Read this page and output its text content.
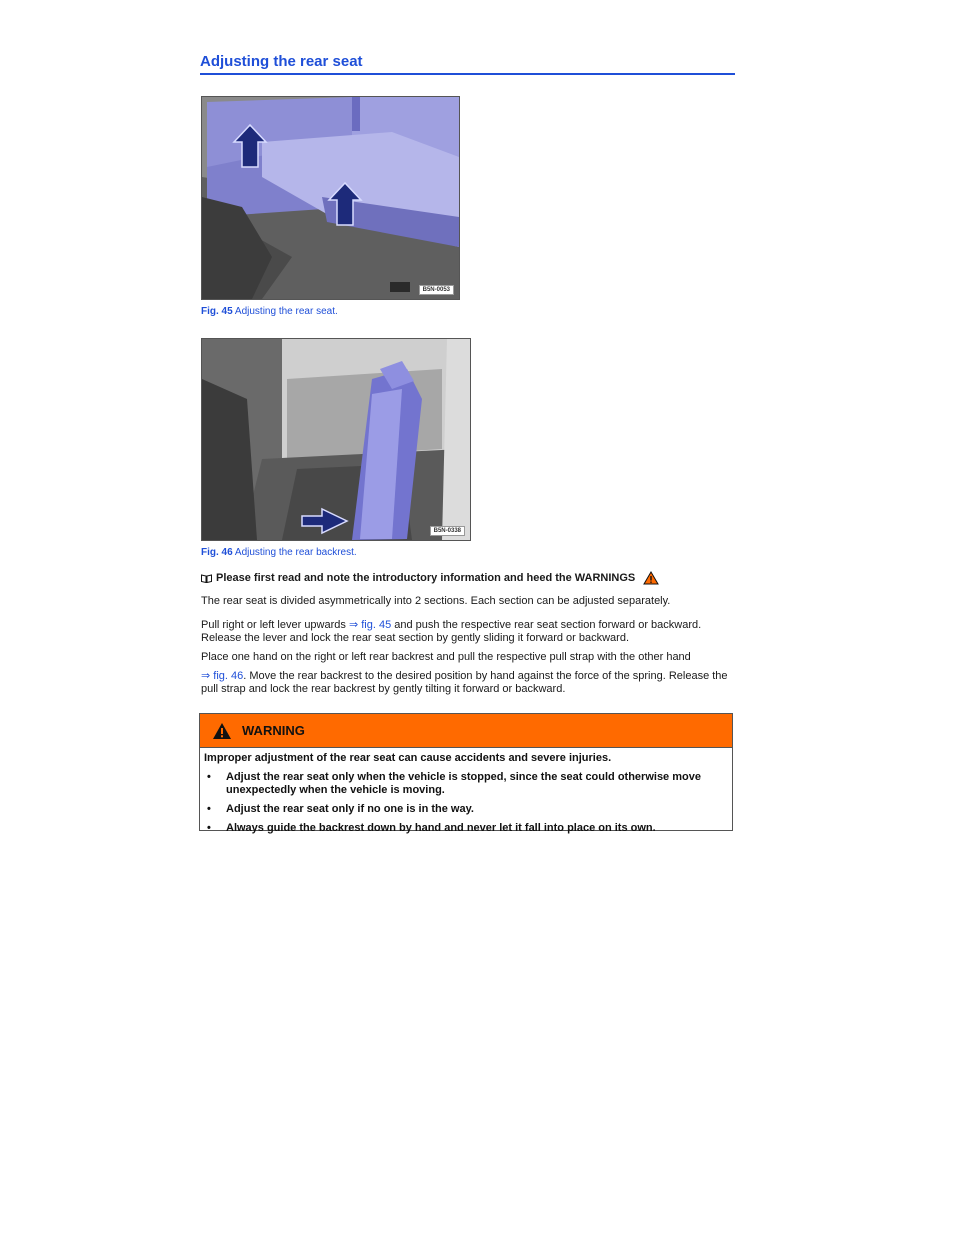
Adjusting the rear seat
B5N-0053
Fig. 45 Adjusting the rear seat.
B5N-0338
Fig. 46 Adjusting the rear backrest.
Please first read and note the introductory information and heed the WARNINGS
The rear seat is divided asymmetrically into 2 sections. Each section can be adjusted separately.
Pull right or left lever upwards ⇒ fig. 45 and push the respective rear seat section forward or backward. Release the lever and lock the rear seat section by gently sliding it forward or backward.
Place one hand on the right or left rear backrest and pull the respective pull strap with the other hand
⇒ fig. 46. Move the rear backrest to the desired position by hand against the force of the spring. Release the pull strap and lock the rear backrest by gently tilting it forward or backward.
WARNING

Improper adjustment of the rear seat can cause accidents and severe injuries.

•	Adjust the rear seat only when the vehicle is stopped, since the seat could otherwise move unexpectedly when the vehicle is moving.
•	Adjust the rear seat only if no one is in the way.
•	Always guide the backrest down by hand and never let it fall into place on its own.
